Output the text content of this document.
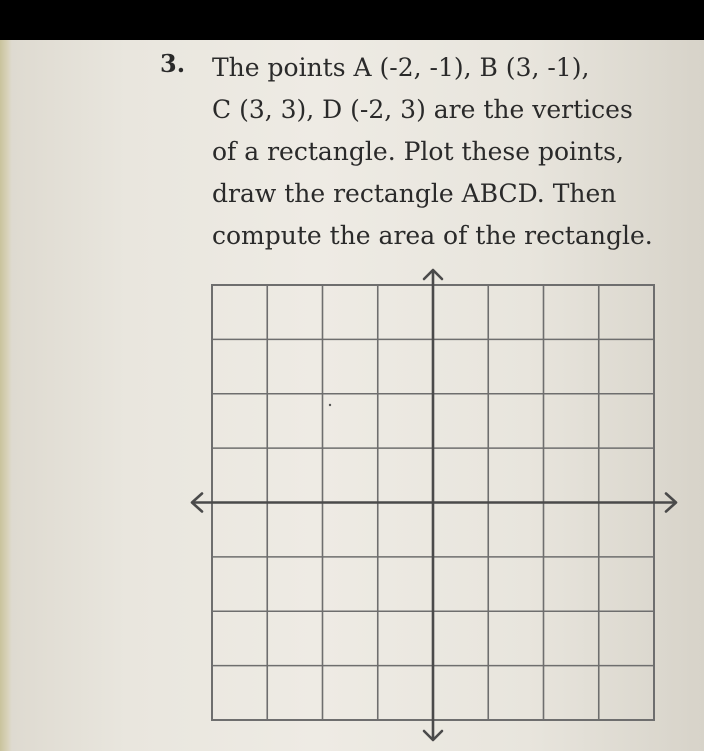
3. The points A (-2, -1), B (3, -1),
C (3, 3), D (-2, 3) are the vertices
of a rectangle. Plot these points,
draw the rectangle ABCD. Then
compute the area of the rectangle.
